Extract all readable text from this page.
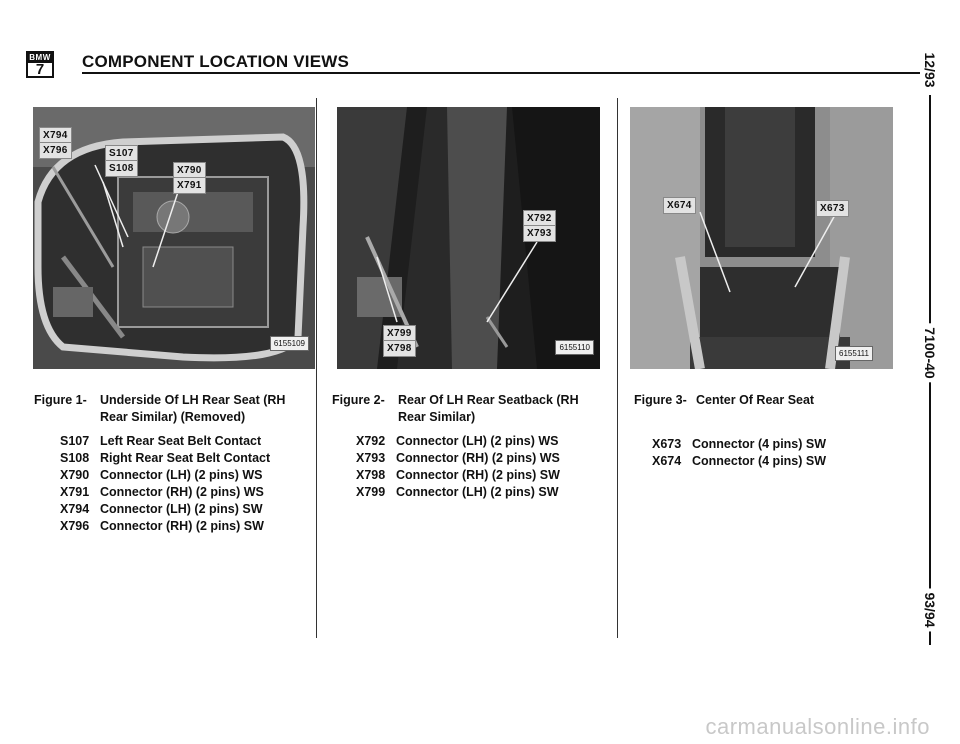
BMW
7	COMPONENT LOCATION VIEWS
X794
X796	S107
S108	X790
X791
6155109
X792
X793
X799
X798	6155110
X674	X673
6155111
Figure 1- Underside Of LH Rear Seat (RH
Rear Similar) (Removed)
S107 Left Rear Seat Belt Contact
S108 Right Rear Seat Belt Contact
X790 Connector (LH) (2 pins) WS
X791 Connector (RH) (2 pins) WS
X794 Connector (LH) (2 pins) SW
X796 Connector (RH) (2 pins) SW
Figure 2- Rear Of LH Rear Seatback (RH
Rear Similar)
X792 Connector (LH) (2 pins) WS
X793 Connector (RH) (2 pins) WS
X798 Connector (RH) (2 pins) SW
X799 Connector (LH) (2 pins) SW
Figure 3- Center Of Rear Seat
X673 Connector (4 pins) SW
X674 Connector (4 pins) SW
12/93
7100-40
93/94
carmanualsonline.info
